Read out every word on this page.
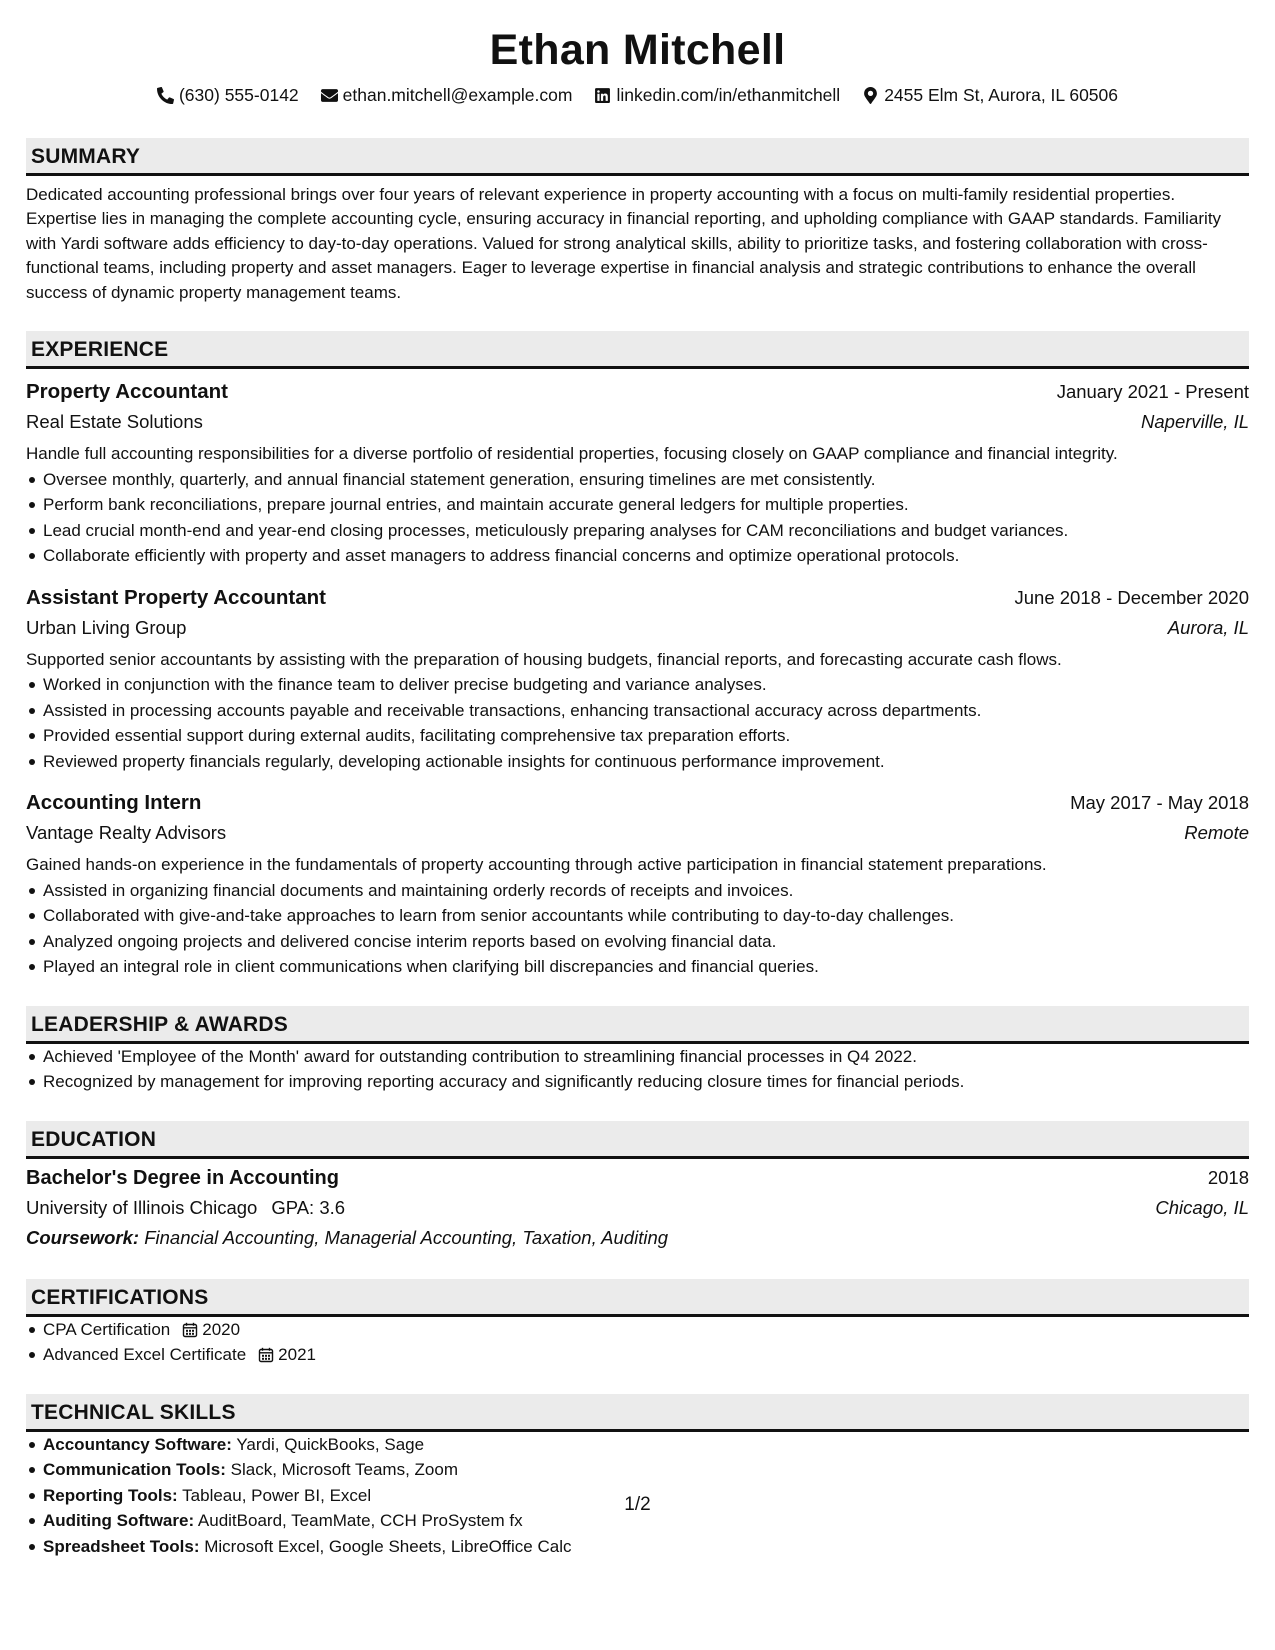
Ethan Mitchell
(630) 555-0142	ethan.mitchell@example.com	linkedin.com/in/ethanmitchell	2455 Elm St, Aurora, IL 60506
SUMMARY
Dedicated accounting professional brings over four years of relevant experience in property accounting with a focus on multi-family residential properties. Expertise lies in managing the complete accounting cycle, ensuring accuracy in financial reporting, and upholding compliance with GAAP standards. Familiarity with Yardi software adds efficiency to day-to-day operations. Valued for strong analytical skills, ability to prioritize tasks, and fostering collaboration with cross-functional teams, including property and asset managers. Eager to leverage expertise in financial analysis and strategic contributions to enhance the overall success of dynamic property management teams.
EXPERIENCE
Property Accountant	January 2021 - Present
Real Estate Solutions	Naperville, IL
Handle full accounting responsibilities for a diverse portfolio of residential properties, focusing closely on GAAP compliance and financial integrity.
Oversee monthly, quarterly, and annual financial statement generation, ensuring timelines are met consistently.
Perform bank reconciliations, prepare journal entries, and maintain accurate general ledgers for multiple properties.
Lead crucial month-end and year-end closing processes, meticulously preparing analyses for CAM reconciliations and budget variances.
Collaborate efficiently with property and asset managers to address financial concerns and optimize operational protocols.
Assistant Property Accountant	June 2018 - December 2020
Urban Living Group	Aurora, IL
Supported senior accountants by assisting with the preparation of housing budgets, financial reports, and forecasting accurate cash flows.
Worked in conjunction with the finance team to deliver precise budgeting and variance analyses.
Assisted in processing accounts payable and receivable transactions, enhancing transactional accuracy across departments.
Provided essential support during external audits, facilitating comprehensive tax preparation efforts.
Reviewed property financials regularly, developing actionable insights for continuous performance improvement.
Accounting Intern	May 2017 - May 2018
Vantage Realty Advisors	Remote
Gained hands-on experience in the fundamentals of property accounting through active participation in financial statement preparations.
Assisted in organizing financial documents and maintaining orderly records of receipts and invoices.
Collaborated with give-and-take approaches to learn from senior accountants while contributing to day-to-day challenges.
Analyzed ongoing projects and delivered concise interim reports based on evolving financial data.
Played an integral role in client communications when clarifying bill discrepancies and financial queries.
LEADERSHIP & AWARDS
Achieved 'Employee of the Month' award for outstanding contribution to streamlining financial processes in Q4 2022.
Recognized by management for improving reporting accuracy and significantly reducing closure times for financial periods.
EDUCATION
Bachelor's Degree in Accounting	2018
University of Illinois Chicago GPA: 3.6	Chicago, IL
Coursework: Financial Accounting, Managerial Accounting, Taxation, Auditing
CERTIFICATIONS
CPA Certification 2020
Advanced Excel Certificate 2021
TECHNICAL SKILLS
Accountancy Software: Yardi, QuickBooks, Sage
Communication Tools: Slack, Microsoft Teams, Zoom
Reporting Tools: Tableau, Power BI, Excel
Auditing Software: AuditBoard, TeamMate, CCH ProSystem fx
Spreadsheet Tools: Microsoft Excel, Google Sheets, LibreOffice Calc
1/2
